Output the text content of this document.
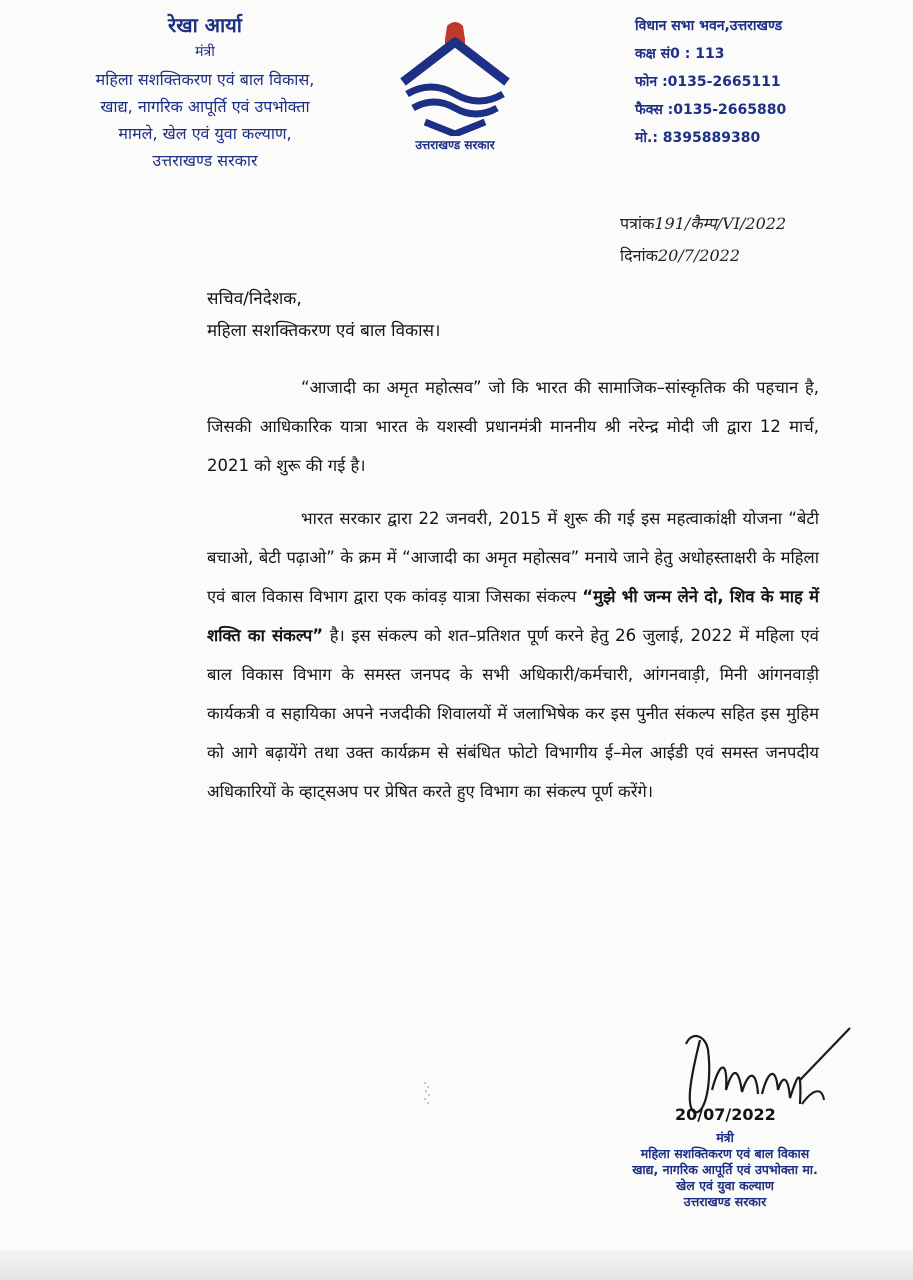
रेखा आर्या
मंत्री
महिला सशक्तिकरण एवं बाल विकास,
खाद्य, नागरिक आपूर्ति एवं उपभोक्ता
मामले, खेल एवं युवा कल्याण,
उत्तराखण्ड सरकार
उत्तराखण्ड सरकार
विधान सभा भवन,उत्तराखण्ड
कक्ष सं0 : 113
फोन :0135-2665111
फैक्स :0135-2665880
मो.: 8395889380
पत्रांक191/कैम्प/VI/2022
दिनांक20/7/2022
सचिव/निदेशक,
महिला सशक्तिकरण एवं बाल विकास।

“आजादी का अमृत महोत्सव” जो कि भारत की सामाजिक–सांस्कृतिक की पहचान है, जिसकी आधिकारिक यात्रा भारत के यशस्वी प्रधानमंत्री माननीय श्री नरेन्द्र मोदी जी द्वारा 12 मार्च, 2021 को शुरू की गई है।

भारत सरकार द्वारा 22 जनवरी, 2015 में शुरू की गई इस महत्वाकांक्षी योजना “बेटी बचाओ, बेटी पढ़ाओ” के क्रम में “आजादी का अमृत महोत्सव” मनाये जाने हेतु अधोहस्ताक्षरी के महिला एवं बाल विकास विभाग द्वारा एक कांवड़ यात्रा जिसका संकल्प “मुझे भी जन्म लेने दो, शिव के माह में शक्ति का संकल्प” है। इस संकल्प को शत–प्रतिशत पूर्ण करने हेतु 26 जुलाई, 2022 में महिला एवं बाल विकास विभाग के समस्त जनपद के सभी अधिकारी/कर्मचारी, आंगनवाड़ी, मिनी आंगनवाड़ी कार्यकत्री व सहायिका अपने नजदीकी शिवालयों में जलाभिषेक कर इस पुनीत संकल्प सहित इस मुहिम को आगे बढ़ायेंगे तथा उक्त कार्यक्रम से संबंधित फोटो विभागीय ई–मेल आईडी एवं समस्त जनपदीय अधिकारियों के व्हाट्सअप पर प्रेषित करते हुए विभाग का संकल्प पूर्ण करेंगे।

20/07/2022
मंत्री
महिला सशक्तिकरण एवं बाल विकास
खाद्य, नागरिक आपूर्ति एवं उपभोक्ता मा.
खेल एवं युवा कल्याण
उत्तराखण्ड सरकार
